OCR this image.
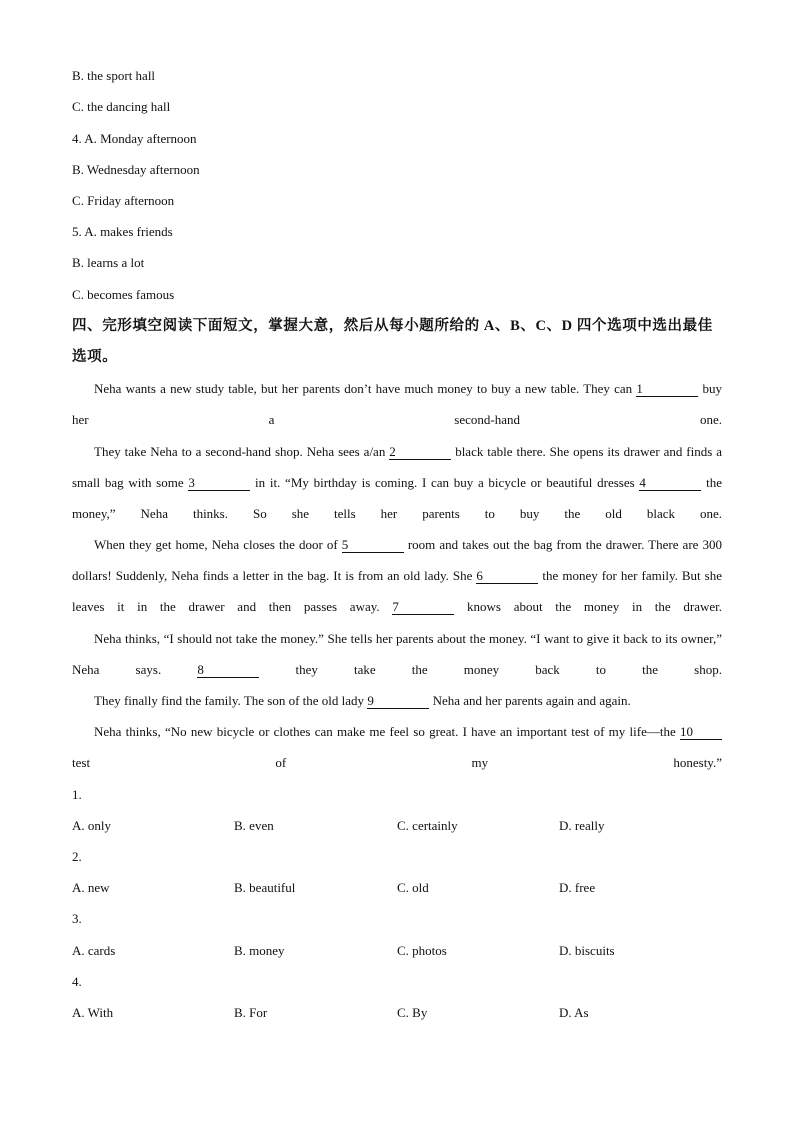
B. the sport hall
C. the dancing hall
4. A. Monday afternoon
B. Wednesday afternoon
C. Friday afternoon
5. A. makes friends
B. learns a lot
C. becomes famous
四、完形填空阅读下面短文，掌握大意，然后从每小题所给的 A、B、C、D 四个选项中选出最佳选项。
Neha wants a new study table, but her parents don’t have much money to buy a new table. They can 1	buy her a second-hand one.
They take Neha to a second-hand shop. Neha sees a/an 2	black table there. She opens its drawer and finds a small bag with some 3	in it. “My birthday is coming. I can buy a bicycle or beautiful dresses 4	the money,” Neha thinks. So she tells her parents to buy the old black one.
When they get home, Neha closes the door of 5	room and takes out the bag from the drawer. There are 300 dollars! Suddenly, Neha finds a letter in the bag. It is from an old lady. She 6	the money for her family. But she leaves it in the drawer and then passes away. 7	knows about the money in the drawer.
Neha thinks, “I should not take the money.” She tells her parents about the money. “I want to give it back to its owner,” Neha says. 8	they take the money back to the shop.
They finally find the family. The son of the old lady 9	Neha and her parents again and again.
Neha thinks, “No new bicycle or clothes can make me feel so great. I have an important test of my life—the 10 test of my honesty.”
1.
A. only	B. even	C. certainly	D. really
2.
A. new	B. beautiful	C. old	D. free
3.
A. cards	B. money	C. photos	D. biscuits
4.
A. With	B. For	C. By	D. As
